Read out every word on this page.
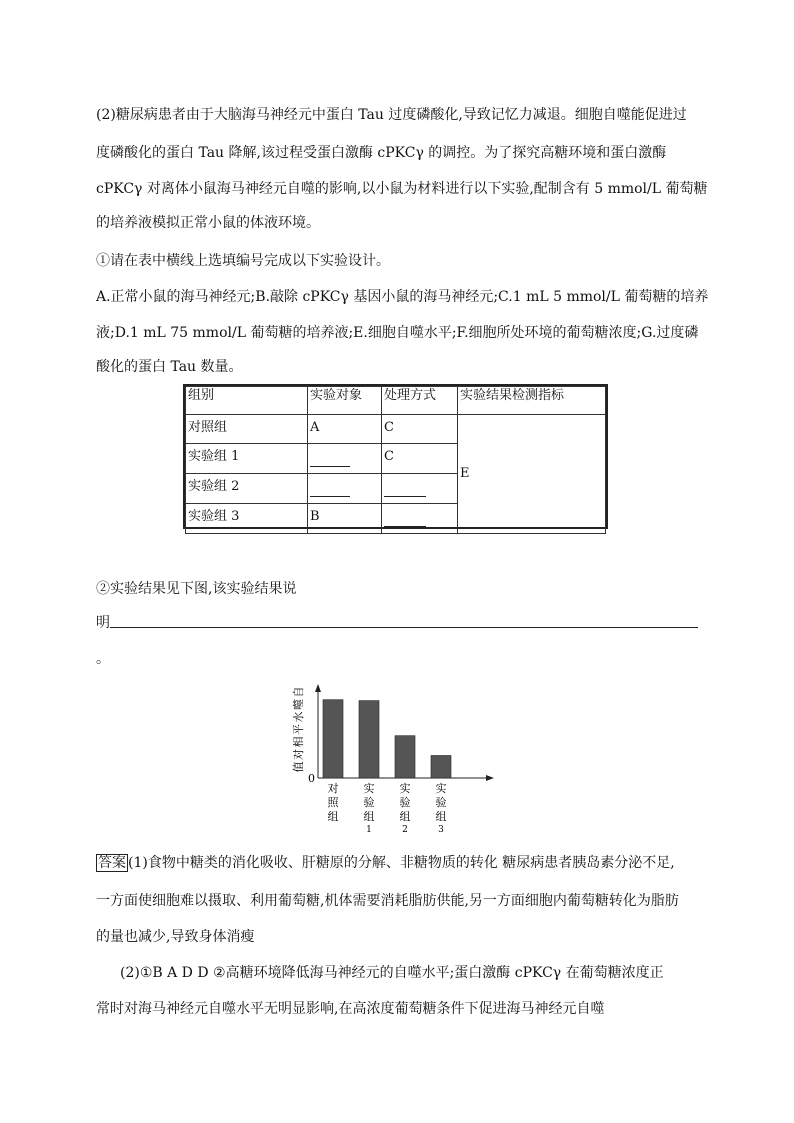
(2)糖尿病患者由于大脑海马神经元中蛋白 Tau 过度磷酸化,导致记忆力减退。细胞自噬能促进过
度磷酸化的蛋白 Tau 降解,该过程受蛋白激酶 cPKCγ 的调控。为了探究高糖环境和蛋白激酶
cPKCγ 对离体小鼠海马神经元自噬的影响,以小鼠为材料进行以下实验,配制含有 5 mmol/L 葡萄糖
的培养液模拟正常小鼠的体液环境。
①请在表中横线上选填编号完成以下实验设计。
A.正常小鼠的海马神经元;B.敲除 cPKCγ 基因小鼠的海马神经元;C.1 mL 5 mmol/L 葡萄糖的培养
液;D.1 mL 75 mmol/L 葡萄糖的培养液;E.细胞自噬水平;F.细胞所处环境的葡萄糖浓度;G.过度磷
酸化的蛋白 Tau 数量。
组别	实验对象	处理方式	实验结果检测指标
对照组	A	C	E
实验组 1		C	
实验组 2			
实验组 3	B		
②实验结果见下图,该实验结果说
明
。
0
自
噬
水
平
相
对
值
对
照
组
实
验
组
1
实
验
组
2
实
验
组
3
答案 (1)食物中糖类的消化吸收、肝糖原的分解、非糖物质的转化 糖尿病患者胰岛素分泌不足,
一方面使细胞难以摄取、利用葡萄糖,机体需要消耗脂肪供能,另一方面细胞内葡萄糖转化为脂肪
的量也减少,导致身体消瘦
(2)①B A D D ②高糖环境降低海马神经元的自噬水平;蛋白激酶 cPKCγ 在葡萄糖浓度正
常时对海马神经元自噬水平无明显影响,在高浓度葡萄糖条件下促进海马神经元自噬
